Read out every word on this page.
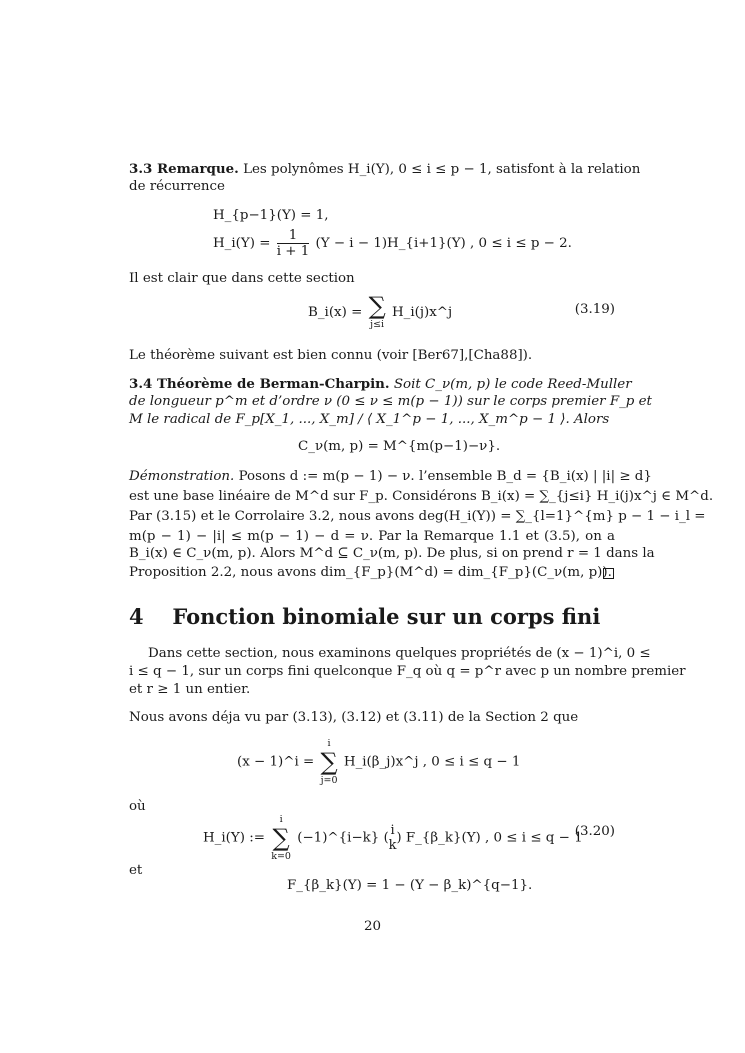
3.3 Remarque. Les polynômes H_i(Y), 0 ≤ i ≤ p − 1, satisfont à la relation
de récurrence
H_{p−1}(Y) = 1,
H_i(Y) = $\frac{1}{i + 1} (Y - i$ − 1)H_{i+1}(Y) , 0 ≤ i ≤ p − 2.
Il est clair que dans cette section
B_i(x) = ∑
j≤i
H_i(j)x^j	(3.19)
Le théorème suivant est bien connu (voir [Ber67],[Cha88]).
3.4 Théorème de Berman-Charpin. Soit C_ν(m, p) le code Reed-Muller
de longueur p^m et d’ordre ν (0 ≤ ν ≤ m(p − 1)) sur le corps premier F_p et
M le radical de F_p[X_1, ..., X_m] / ⟨ X_1^p − 1, ..., X_m^p − 1 ⟩. Alors
C_ν(m, p) = M^{m(p−1)−ν}.
Démonstration. Posons d := m(p − 1) − ν. l’ensemble B_d = {B_i(x) | |i| ≥ d}
est une base linéaire de M^d sur F_p. Considérons B_i(x) = ∑_{j≤i} H_i(j)x^j ∈ M^d.
Par (3.15) et le Corrolaire 3.2, nous avons deg(H_i(Y)) = ∑_{l=1}^{m} p − 1 − i_l =
m(p − 1) − |i| ≤ m(p − 1) − d = ν. Par la Remarque 1.1 et (3.5), on a
B_i(x) ∈ C_ν(m, p). Alors M^d ⊆ C_ν(m, p). De plus, si on prend r = 1 dans la
Proposition 2.2, nous avons dim_{F_p}(M^d) = dim_{F_p}(C_ν(m, p)).
4 Fonction binomiale sur un corps fini
Dans cette section, nous examinons quelques propriétés de (x − 1)^i, 0 ≤
i ≤ q − 1, sur un corps fini quelconque F_q où q = p^r avec p un nombre premier
et r ≥ 1 un entier.
Nous avons déja vu par (3.13), (3.12) et (3.11) de la Section 2 que
(x − 1)^i =
i
∑
j=0
H_i(β_j)x^j , 0 ≤ i ≤ q − 1
où
H_i(Y) :=
i
∑
k=0
(−1)^{i−k} ( i
k ) F_{β_k}(Y) , 0 ≤ i ≤ q − 1
(3.20)
et
F_{β_k}(Y) = 1 − (Y − β_k)^{q−1}.
20
